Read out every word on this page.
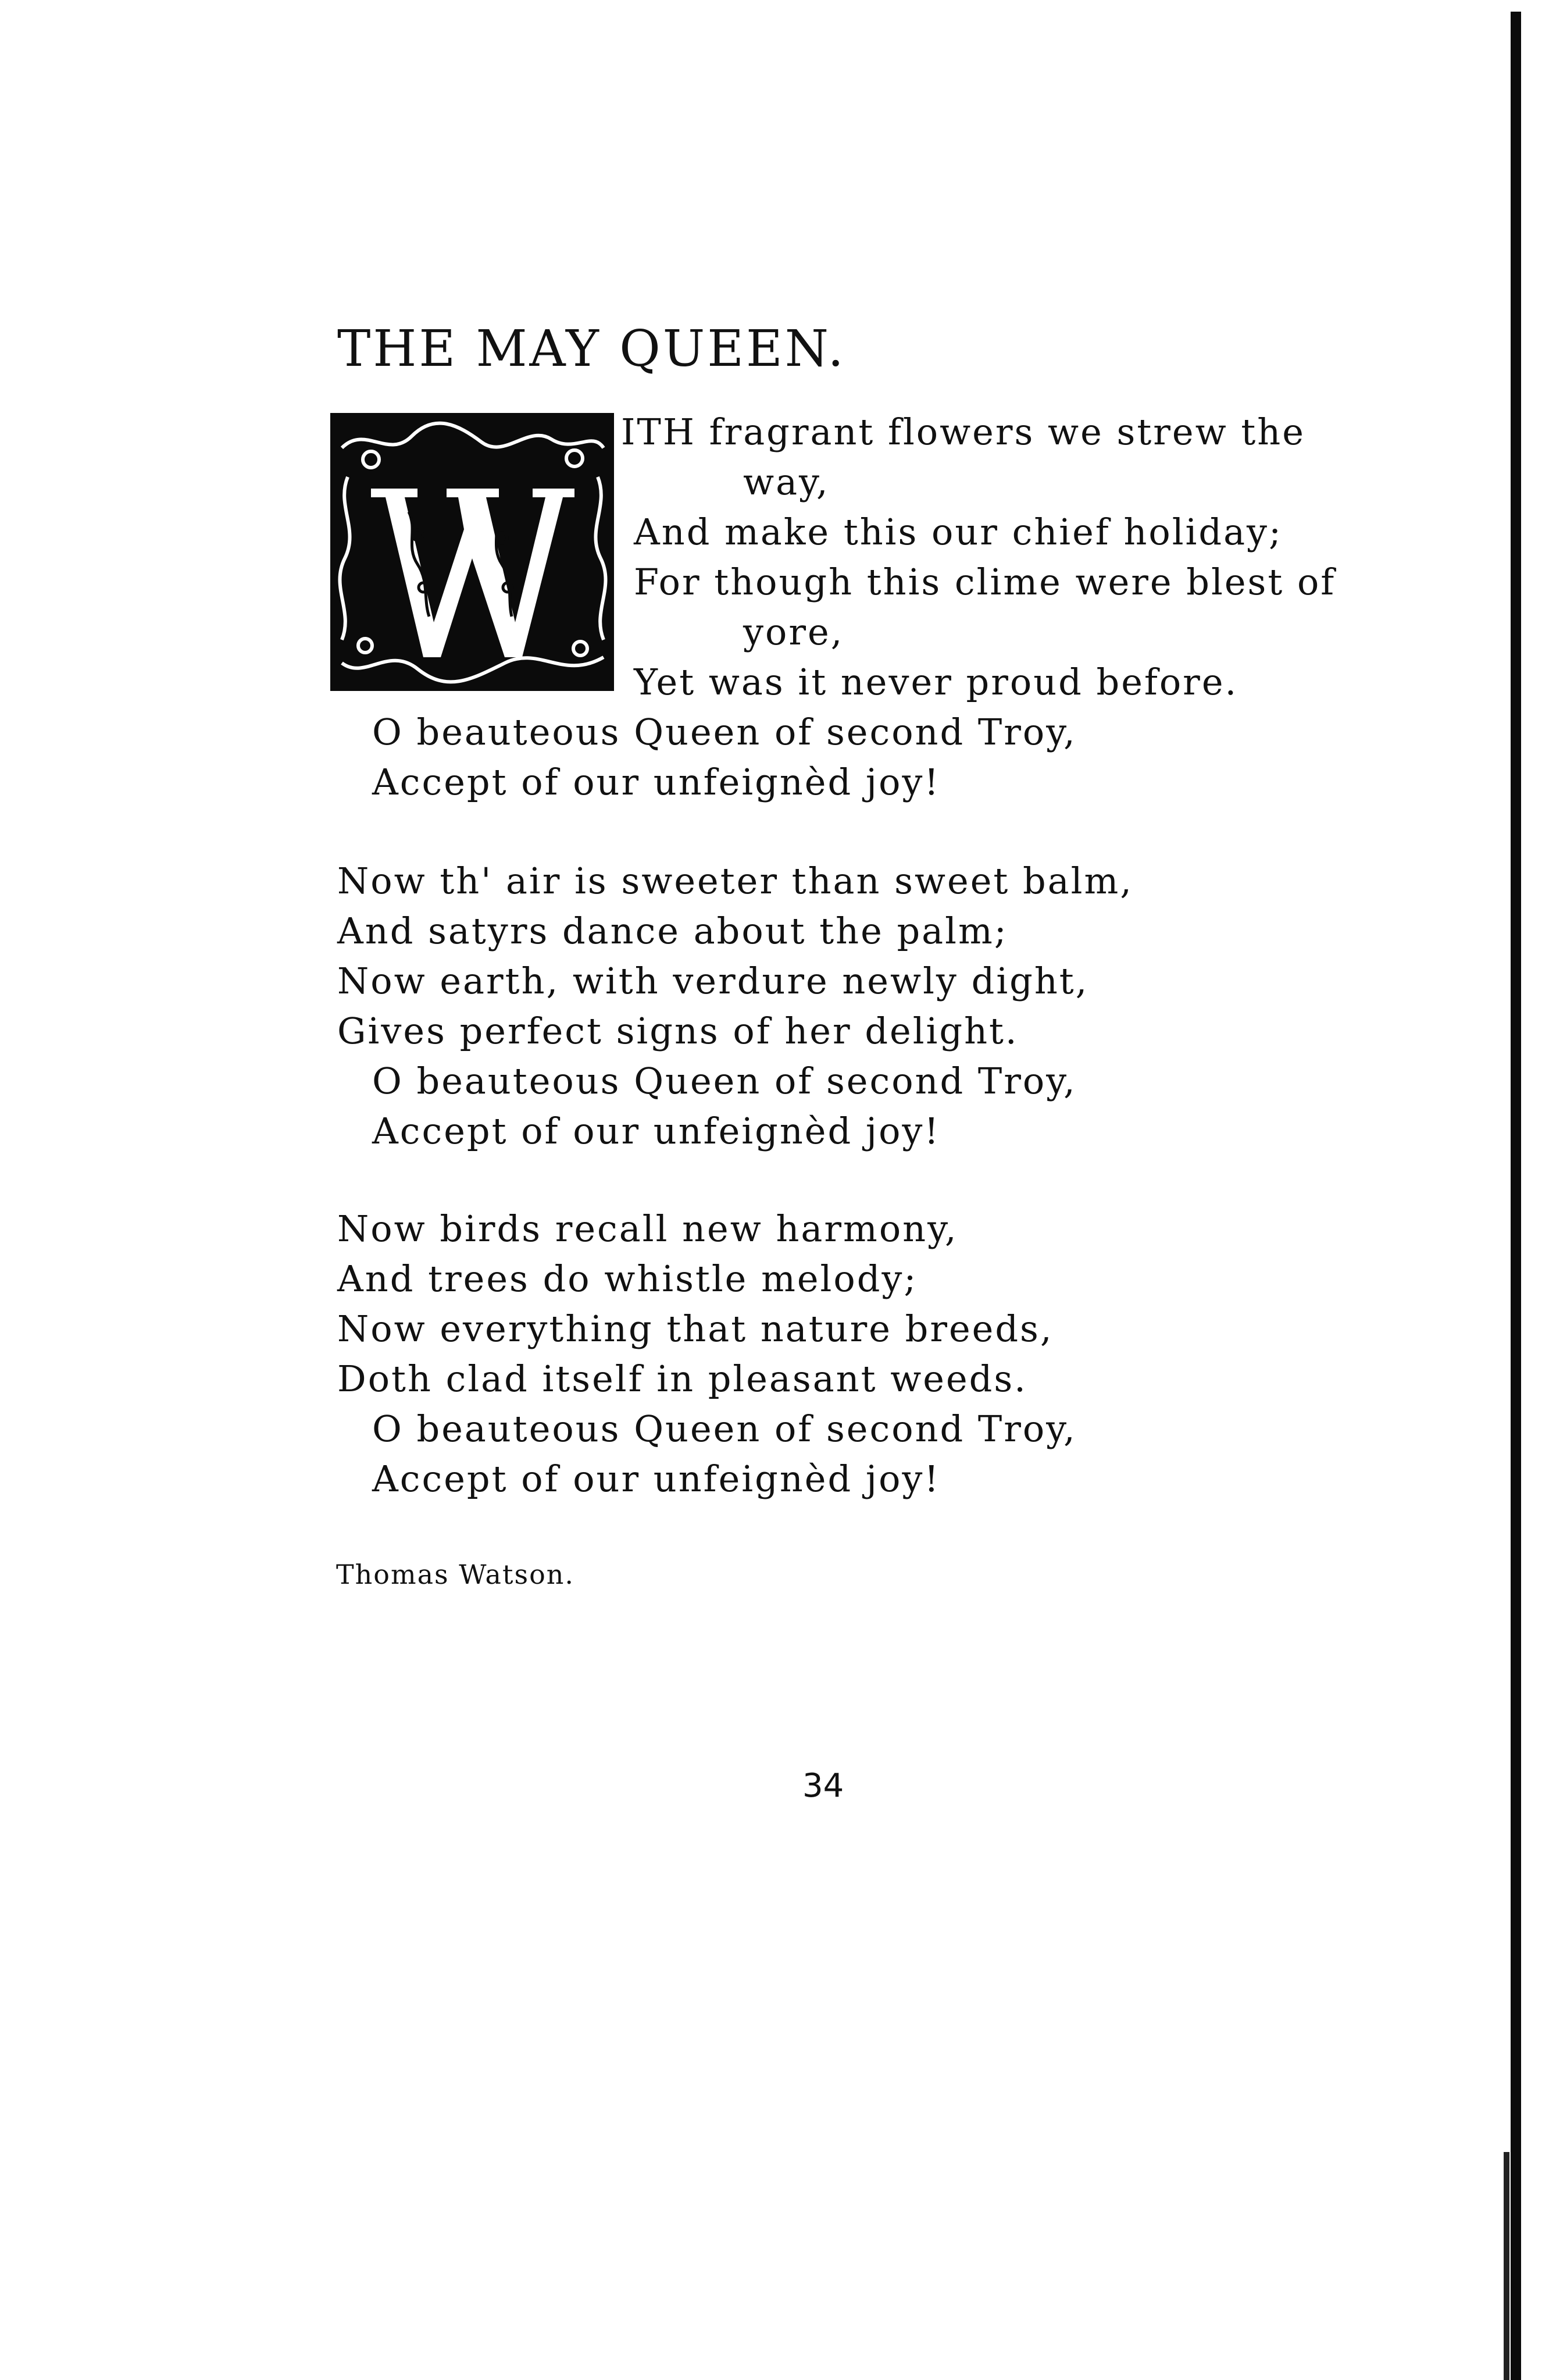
THE MAY QUEEN.
ITH fragrant flowers we strew the
way,
And make this our chief holiday;
For though this clime were blest of
yore,
Yet was it never proud before.
O beauteous Queen of second Troy,
Accept of our unfeignèd joy!
Now th' air is sweeter than sweet balm,
And satyrs dance about the palm;
Now earth, with verdure newly dight,
Gives perfect signs of her delight.
O beauteous Queen of second Troy,
Accept of our unfeignèd joy!
Now birds recall new harmony,
And trees do whistle melody;
Now everything that nature breeds,
Doth clad itself in pleasant weeds.
O beauteous Queen of second Troy,
Accept of our unfeignèd joy!
Thomas Watson.
34
